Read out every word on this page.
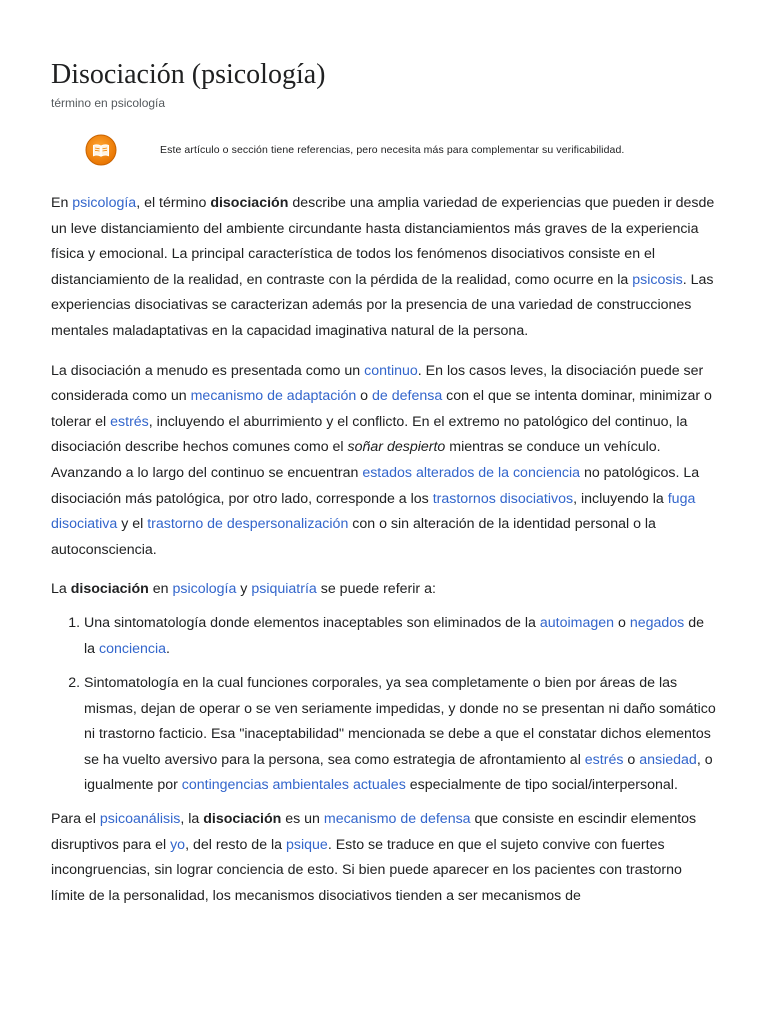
Disociación (psicología)
término en psicología
Este artículo o sección tiene referencias, pero necesita más para complementar su verificabilidad.

En psicología, el término disociación describe una amplia variedad de experiencias que pueden ir desde un leve distanciamiento del ambiente circundante hasta distanciamientos más graves de la experiencia física y emocional. La principal característica de todos los fenómenos disociativos consiste en el distanciamiento de la realidad, en contraste con la pérdida de la realidad, como ocurre en la psicosis. Las experiencias disociativas se caracterizan además por la presencia de una variedad de construcciones mentales maladaptativas en la capacidad imaginativa natural de la persona.

La disociación a menudo es presentada como un continuo. En los casos leves, la disociación puede ser considerada como un mecanismo de adaptación o de defensa con el que se intenta dominar, minimizar o tolerar el estrés, incluyendo el aburrimiento y el conflicto. En el extremo no patológico del continuo, la disociación describe hechos comunes como el soñar despierto mientras se conduce un vehículo. Avanzando a lo largo del continuo se encuentran estados alterados de la conciencia no patológicos. La disociación más patológica, por otro lado, corresponde a los trastornos disociativos, incluyendo la fuga disociativa y el trastorno de despersonalización con o sin alteración de la identidad personal o la autoconsciencia.

La disociación en psicología y psiquiatría se puede referir a:

1. Una sintomatología donde elementos inaceptables son eliminados de la autoimagen o negados de la conciencia.
2. Sintomatología en la cual funciones corporales, ya sea completamente o bien por áreas de las mismas, dejan de operar o se ven seriamente impedidas, y donde no se presentan ni daño somático ni trastorno facticio. Esa "inaceptabilidad" mencionada se debe a que el constatar dichos elementos se ha vuelto aversivo para la persona, sea como estrategia de afrontamiento al estrés o ansiedad, o igualmente por contingencias ambientales actuales especialmente de tipo social/interpersonal.

Para el psicoanálisis, la disociación es un mecanismo de defensa que consiste en escindir elementos disruptivos para el yo, del resto de la psique. Esto se traduce en que el sujeto convive con fuertes incongruencias, sin lograr conciencia de esto. Si bien puede aparecer en los pacientes con trastorno límite de la personalidad, los mecanismos disociativos tienden a ser mecanismos de
